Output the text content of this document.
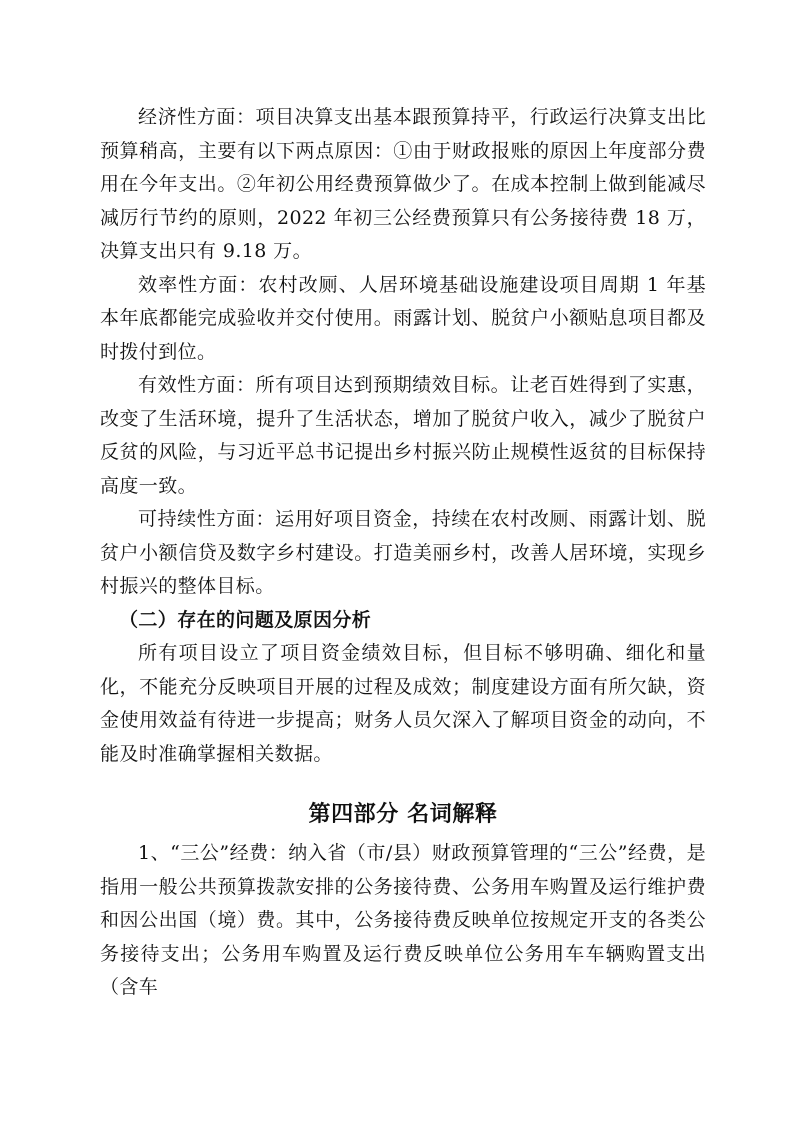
经济性方面：项目决算支出基本跟预算持平，行政运行决算支出比预算稍高，主要有以下两点原因：①由于财政报账的原因上年度部分费用在今年支出。②年初公用经费预算做少了。在成本控制上做到能减尽减厉行节约的原则，2022 年初三公经费预算只有公务接待费 18 万，决算支出只有 9.18 万。

效率性方面：农村改厕、人居环境基础设施建设项目周期 1 年基本年底都能完成验收并交付使用。雨露计划、脱贫户小额贴息项目都及时拨付到位。

有效性方面：所有项目达到预期绩效目标。让老百姓得到了实惠，改变了生活环境，提升了生活状态，增加了脱贫户收入，减少了脱贫户反贫的风险，与习近平总书记提出乡村振兴防止规模性返贫的目标保持高度一致。

可持续性方面：运用好项目资金，持续在农村改厕、雨露计划、脱贫户小额信贷及数字乡村建设。打造美丽乡村，改善人居环境，实现乡村振兴的整体目标。

（二）存在的问题及原因分析

所有项目设立了项目资金绩效目标，但目标不够明确、细化和量化，不能充分反映项目开展的过程及成效；制度建设方面有所欠缺，资金使用效益有待进一步提高；财务人员欠深入了解项目资金的动向，不能及时准确掌握相关数据。

第四部分 名词解释

1、“三公”经费：纳入省（市/县）财政预算管理的“三公”经费，是指用一般公共预算拨款安排的公务接待费、公务用车购置及运行维护费和因公出国（境）费。其中，公务接待费反映单位按规定开支的各类公务接待支出；公务用车购置及运行费反映单位公务用车车辆购置支出（含车
